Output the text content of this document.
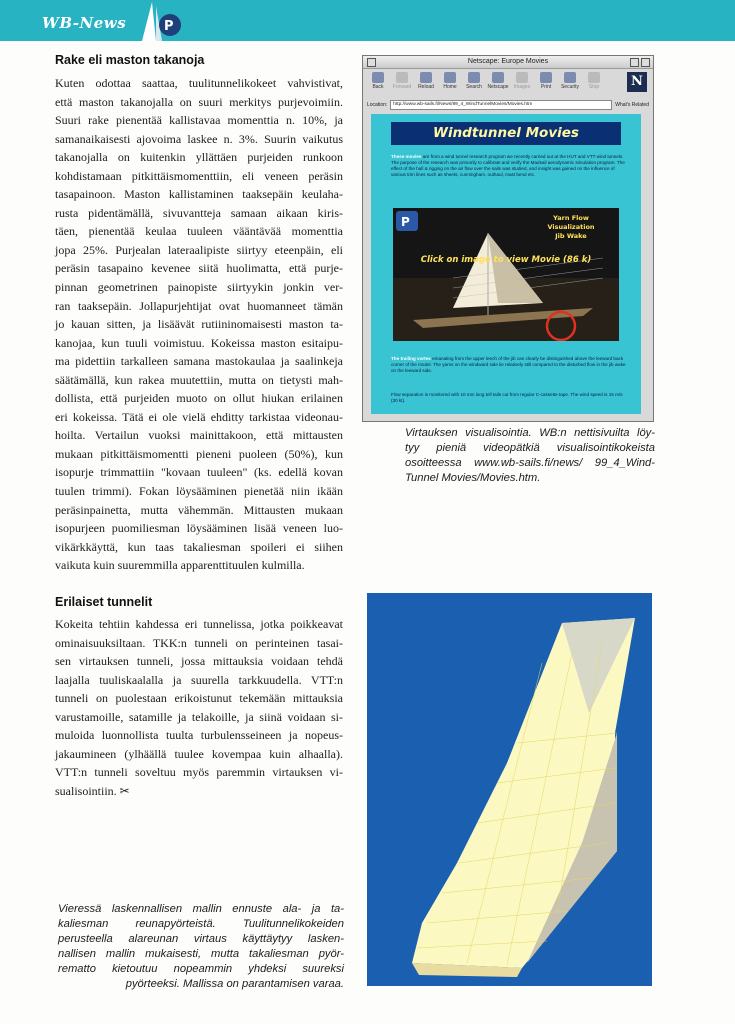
WB-News	P
Rake eli maston takanoja
Kuten odottaa saattaa, tuulitunnelikokeet vahvistivat,
että maston takanojalla on suuri merkitys purjevoimiin.
Suuri rake pienentää kallistavaa momenttia n. 10%, ja
samanaikaisesti ajovoima laskee n. 3%. Suurin vaikutus
takanojalla on kuitenkin yllättäen purjeiden runkoon
kohdistamaan pitkittäismomenttiin, eli veneen peräsin
tasapainoon. Maston kallistaminen taaksepäin keulaha-
rusta pidentämällä, sivuvantteja samaan aikaan kiris-
täen, pienentää keulaa tuuleen vääntävää momenttia
jopa 25%. Purjealan lateraalipiste siirtyy eteenpäin, eli
peräsin tasapaino kevenee siitä huolimatta, että purje-
pinnan geometrinen painopiste siirtyykin jonkin ver-
ran taaksepäin. Jollapurjehtijat ovat huomanneet tämän
jo kauan sitten, ja lisäävät rutiininomaisesti maston ta-
kanojaa, kun tuuli voimistuu. Kokeissa maston esitaipu-
ma pidettiin tarkalleen samana mastokaulaa ja saalinkeja
säätämällä, kun rakea muutettiin, mutta on tietysti mah-
dollista, että purjeiden muoto on ollut hiukan erilainen
eri kokeissa. Tätä ei ole vielä ehditty tarkistaa videonau-
hoilta. Vertailun vuoksi mainittakoon, että mittausten
mukaan pitkittäismomentti pieneni puoleen (50%), kun
isopurje trimmattiin "kovaan tuuleen" (ks. edellä kovan
tuulen trimmi). Fokan löysääminen pienetää niin ikään
peräsinpainetta, mutta vähemmän. Mittausten mukaan
isopurjeen puomiliesman löysääminen lisää veneen luo-
vikärkkäyttä, kun taas takaliesman spoileri ei siihen
vaikuta kuin suuremmilla apparenttituulen kulmilla.
Erilaiset tunnelit
Kokeita tehtiin kahdessa eri tunnelissa, jotka poikkeavat
ominaisuuksiltaan. TKK:n tunneli on perinteinen tasai-
sen virtauksen tunneli, jossa mittauksia voidaan tehdä
laajalla tuuliskaalalla ja suurella tarkkuudella. VTT:n
tunneli on puolestaan erikoistunut tekemään mittauksia
varustamoille, satamille ja telakoille, ja siinä voidaan si-
muloida luonnollista tuulta turbulensseineen ja nopeus-
jakaumineen (ylhäällä tuulee kovempaa kuin alhaalla).
VTT:n tunneli soveltuu myös paremmin virtauksen vi-
sualisointiin. ✂
Netscape: Europe Movies
Back	Forward	Reload	Home	Search	Netscape	Images	Print	Security	Stop	N
Location:	http://www.wb-sails.fi/News/99_4_WindTunnelMovies/Movies.htm	What's Related
Windtunnel Movies
These movies are from a wind tunnel research program we recently carried out at the HUT and VTT wind tunnels. The purpose of the research was primarily to calibrate and verify the Madsail aerodynamic simulation program. The effect of the hull & rigging on the air flow over the sails was studied, and insight was gained on the influence of various trim lines such as sheets, cunningham, outhaul, mast bend etc.
P	Yarn Flow
Visualization
Jib Wake
Click on image to view Movie (86 k)
The trailing vortex emanating from the upper leech of the jib can clearly be distinguished above the leeward back corner of the model. The yarns on the windward side lie relatively still compared to the disturbed flow in the jib wake on the leeward side.
Flow separation is monitored with 10 mm long tell tails cut from regular C-cassette tape. The wind speed is 15 m/s (30 kt).
Virtauksen visualisointia. WB:n nettisivuilta löy-
tyy pieniä videopätkiä visualisointikokeista
osoitteessa www.wb-sails.fi/news/ 99_4_Wind-
Tunnel Movies/Movies.htm.
Vieressä laskennallisen mallin ennuste ala- ja ta-
kaliesman reunapyörteistä. Tuulitunnelikokeiden
perusteella alareunan virtaus käyttäytyy lasken-
nallisen mallin mukaisesti, mutta takaliesman pyör-
rematto kietoutuu nopeammin yhdeksi suureksi
pyörteeksi. Mallissa on parantamisen varaa.
